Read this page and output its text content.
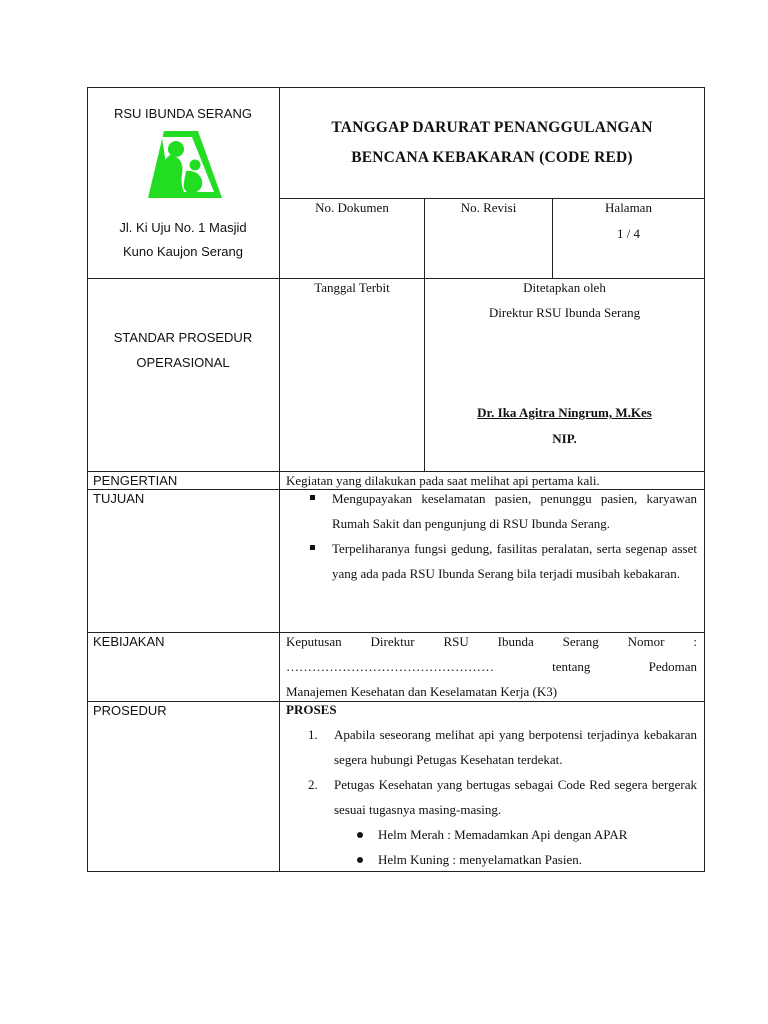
RSU IBUNDA SERANG
Jl. Ki Uju No. 1 Masjid
Kuno Kaujon Serang
TANGGAP DARURAT PENANGGULANGAN
BENCANA KEBAKARAN (CODE RED)
No. Dokumen	No. Revisi	Halaman
1 / 4
STANDAR PROSEDUR
OPERASIONAL
Tanggal Terbit	Ditetapkan oleh
Direktur RSU Ibunda Serang
Dr. Ika Agitra Ningrum, M.Kes
NIP.
PENGERTIAN	Kegiatan yang dilakukan pada saat melihat api pertama kali.
TUJUAN	Mengupayakan keselamatan pasien, penunggu pasien, karyawan Rumah Sakit dan pengunjung di RSU Ibunda Serang.
Terpeliharanya fungsi gedung, fasilitas peralatan, serta segenap asset yang ada pada RSU Ibunda Serang bila terjadi musibah kebakaran.
KEBIJAKAN	Keputusan Direktur RSU Ibunda Serang Nomor :
………………………………………… tentang Pedoman
Manajemen Kesehatan dan Keselamatan Kerja (K3)
PROSEDUR	PROSES
1. Apabila seseorang melihat api yang berpotensi terjadinya kebakaran segera hubungi Petugas Kesehatan terdekat.
2. Petugas Kesehatan yang bertugas sebagai Code Red segera bergerak sesuai tugasnya masing-masing.
Helm Merah : Memadamkan Api dengan APAR
Helm Kuning : menyelamatkan Pasien.
